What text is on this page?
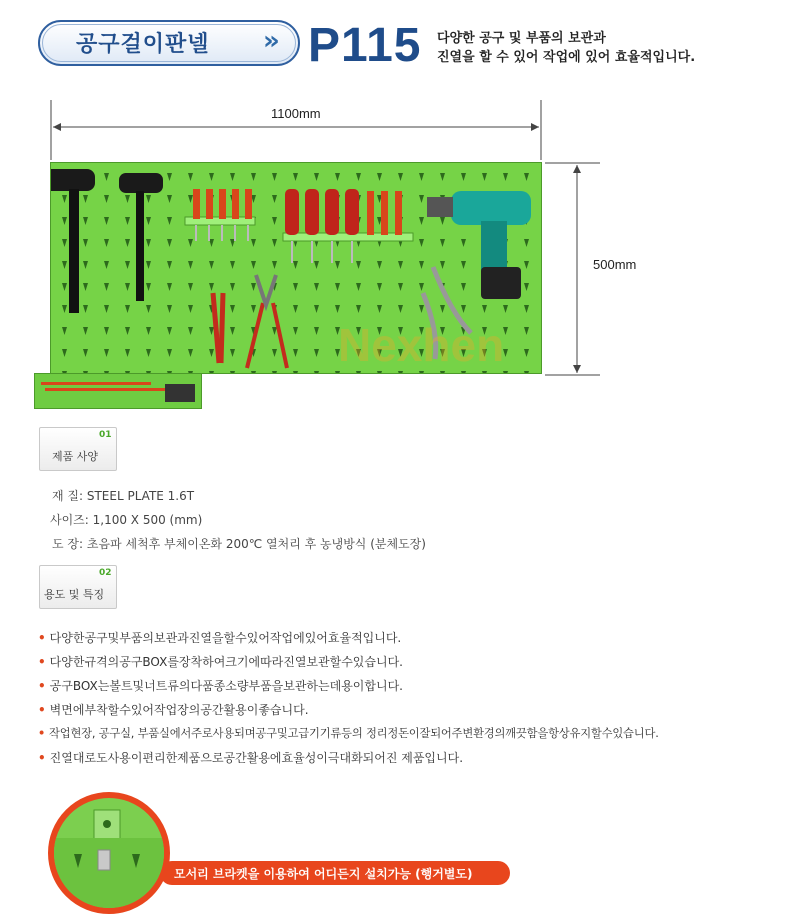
공구걸이판넬 » P115 다양한 공구 및 부품의 보관과
진열을 할 수 있어 작업에 있어 효율적입니다.
1100mm
500mm
Nexhen
01
제품 사양
재 질: STEEL PLATE 1.6T
사이즈: 1,100 X 500 (mm)
도 장: 초음파 세척후 부체이온화 200℃ 열처리 후 농냉방식 (분체도장)
02
용도 및 특징
• 다양한공구및부품의보관과진열을할수있어작업에있어효율적입니다.
• 다양한규격의공구BOX를장착하여크기에따라진열보관할수있습니다.
• 공구BOX는볼트및너트류의다품종소량부품을보관하는데용이합니다.
• 벽면에부착할수있어작업장의공간활용이좋습니다.
• 작업현장, 공구실, 부품실에서주로사용되며공구및고급기기류등의 정리정돈이잘되어주변환경의깨끗함을항상유지할수있습니다.
• 진열대로도사용이편리한제품으로공간활용에효율성이극대화되어진 제품입니다.
모서리 브라켓을 이용하여 어디든지 설치가능 (행거별도)
